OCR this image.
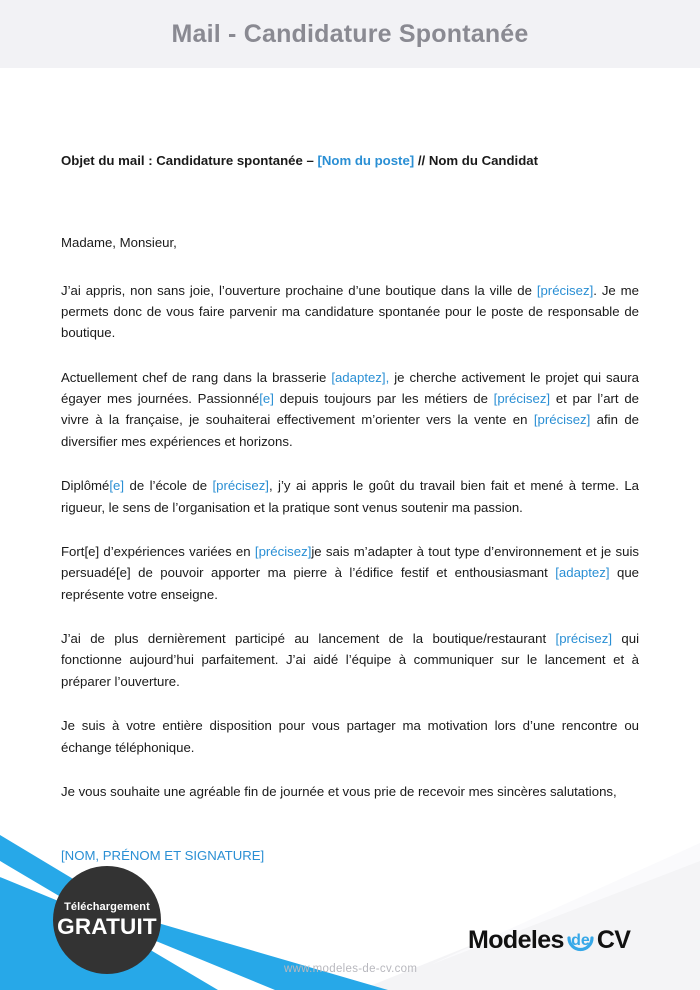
Mail - Candidature Spontanée
Objet du mail : Candidature spontanée – [Nom du poste] // Nom du Candidat

Madame, Monsieur,

J’ai appris, non sans joie, l’ouverture prochaine d’une boutique dans la ville de [précisez]. Je me permets donc de vous faire parvenir ma candidature spontanée pour le poste de responsable de boutique.

Actuellement chef de rang dans la brasserie [adaptez], je cherche activement le projet qui saura égayer mes journées. Passionné[e] depuis toujours par les métiers de [précisez] et par l’art de vivre à la française, je souhaiterai effectivement m’orienter vers la vente en [précisez] afin de diversifier mes expériences et horizons.

Diplômé[e] de l’école de [précisez], j’y ai appris le goût du travail bien fait et mené à terme. La rigueur, le sens de l’organisation et la pratique sont venus soutenir ma passion.

Fort[e] d’expériences variées en [précisez]je sais m’adapter à tout type d’environnement et je suis persuadé[e] de pouvoir apporter ma pierre à l’édifice festif et enthousiasmant [adaptez] que représente votre enseigne.

J’ai de plus dernièrement participé au lancement de la boutique/restaurant [précisez] qui fonctionne aujourd’hui parfaitement. J’ai aidé l’équipe à communiquer sur le lancement et à préparer l’ouverture.

Je suis à votre entière disposition pour vous partager ma motivation lors d’une rencontre ou échange téléphonique.

Je vous souhaite une agréable fin de journée et vous prie de recevoir mes sincères salutations,

[NOM, PRÉNOM ET SIGNATURE]
Téléchargement
GRATUIT
www.modeles-de-cv.com
Modeles de CV
